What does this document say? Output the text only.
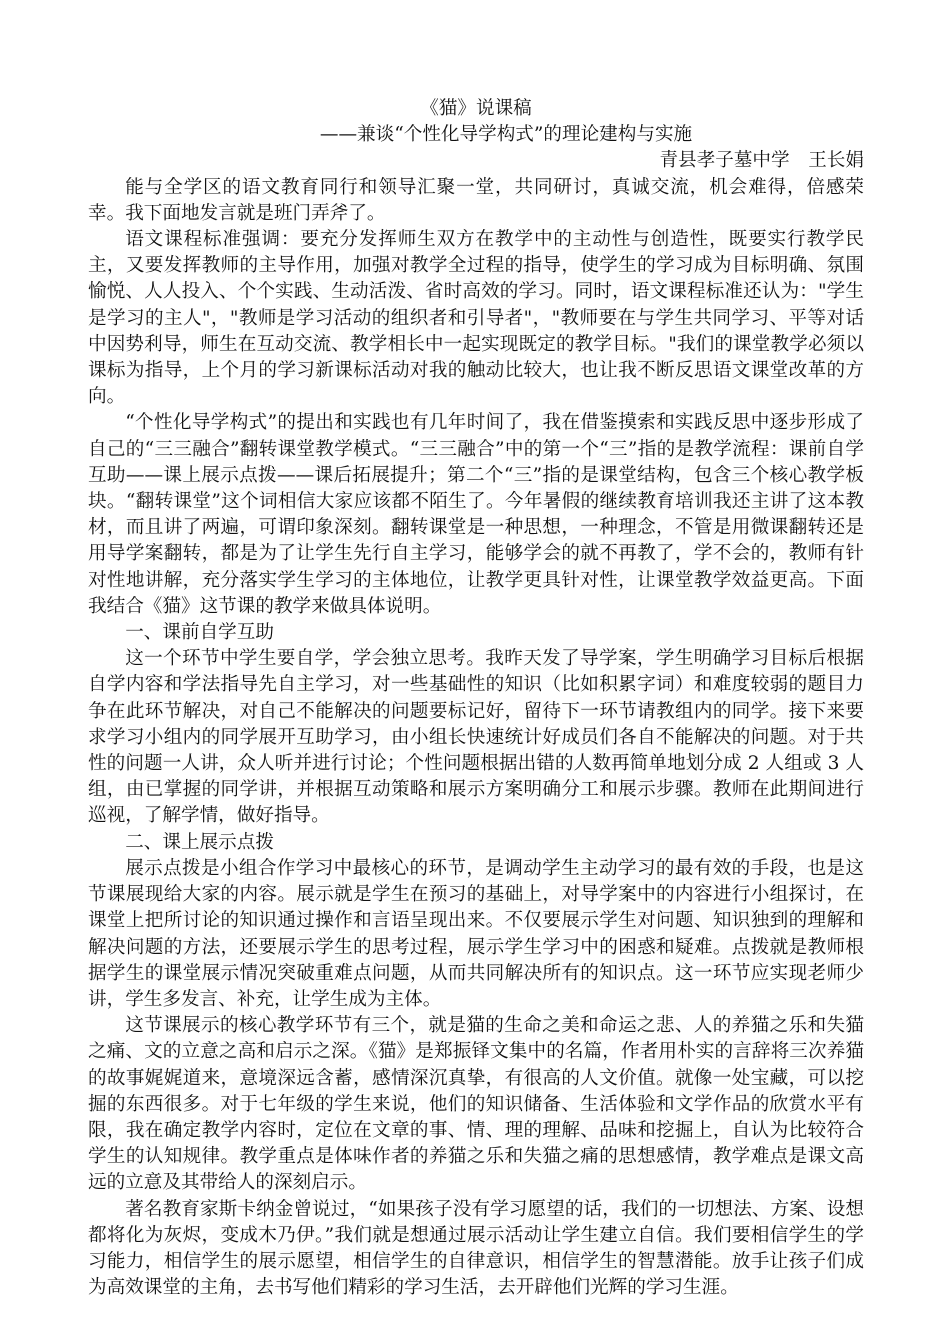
《猫》说课稿

——兼谈“个性化导学构式”的理论建构与实施

青县孝子墓中学　王长娟

能与全学区的语文教育同行和领导汇聚一堂，共同研讨，真诚交流，机会难得，倍感荣幸。我下面地发言就是班门弄斧了。

语文课程标准强调：要充分发挥师生双方在教学中的主动性与创造性，既要实行教学民主，又要发挥教师的主导作用，加强对教学全过程的指导，使学生的学习成为目标明确、氛围愉悦、人人投入、个个实践、生动活泼、省时高效的学习。同时，语文课程标准还认为："学生是学习的主人"，"教师是学习活动的组织者和引导者"，"教师要在与学生共同学习、平等对话中因势利导，师生在互动交流、教学相长中一起实现既定的教学目标。"我们的课堂教学必须以课标为指导，上个月的学习新课标活动对我的触动比较大，也让我不断反思语文课堂改革的方向。

“个性化导学构式”的提出和实践也有几年时间了，我在借鉴摸索和实践反思中逐步形成了自己的“三三融合”翻转课堂教学模式。“三三融合”中的第一个“三”指的是教学流程：课前自学互助——课上展示点拨——课后拓展提升；第二个“三”指的是课堂结构，包含三个核心教学板块。“翻转课堂”这个词相信大家应该都不陌生了。今年暑假的继续教育培训我还主讲了这本教材，而且讲了两遍，可谓印象深刻。翻转课堂是一种思想，一种理念，不管是用微课翻转还是用导学案翻转，都是为了让学生先行自主学习，能够学会的就不再教了，学不会的，教师有针对性地讲解，充分落实学生学习的主体地位，让教学更具针对性，让课堂教学效益更高。下面我结合《猫》这节课的教学来做具体说明。

一、课前自学互助

这一个环节中学生要自学，学会独立思考。我昨天发了导学案，学生明确学习目标后根据自学内容和学法指导先自主学习，对一些基础性的知识（比如积累字词）和难度较弱的题目力争在此环节解决，对自己不能解决的问题要标记好，留待下一环节请教组内的同学。接下来要求学习小组内的同学展开互助学习，由小组长快速统计好成员们各自不能解决的问题。对于共性的问题一人讲，众人听并进行讨论；个性问题根据出错的人数再简单地划分成 2 人组或 3 人组，由已掌握的同学讲，并根据互动策略和展示方案明确分工和展示步骤。教师在此期间进行巡视，了解学情，做好指导。

二、课上展示点拨

展示点拨是小组合作学习中最核心的环节，是调动学生主动学习的最有效的手段，也是这节课展现给大家的内容。展示就是学生在预习的基础上，对导学案中的内容进行小组探讨，在课堂上把所讨论的知识通过操作和言语呈现出来。不仅要展示学生对问题、知识独到的理解和解决问题的方法，还要展示学生的思考过程，展示学生学习中的困惑和疑难。点拨就是教师根据学生的课堂展示情况突破重难点问题，从而共同解决所有的知识点。这一环节应实现老师少讲，学生多发言、补充，让学生成为主体。

这节课展示的核心教学环节有三个，就是猫的生命之美和命运之悲、人的养猫之乐和失猫之痛、文的立意之高和启示之深。《猫》是郑振铎文集中的名篇，作者用朴实的言辞将三次养猫的故事娓娓道来，意境深远含蓄，感情深沉真挚，有很高的人文价值。就像一处宝藏，可以挖掘的东西很多。对于七年级的学生来说，他们的知识储备、生活体验和文学作品的欣赏水平有限，我在确定教学内容时，定位在文章的事、情、理的理解、品味和挖掘上，自认为比较符合学生的认知规律。教学重点是体味作者的养猫之乐和失猫之痛的思想感情，教学难点是课文高远的立意及其带给人的深刻启示。

著名教育家斯卡纳金曾说过，“如果孩子没有学习愿望的话，我们的一切想法、方案、设想都将化为灰烬，变成木乃伊。”我们就是想通过展示活动让学生建立自信。我们要相信学生的学习能力，相信学生的展示愿望，相信学生的自律意识，相信学生的智慧潜能。放手让孩子们成为高效课堂的主角，去书写他们精彩的学习生活，去开辟他们光辉的学习生涯。
